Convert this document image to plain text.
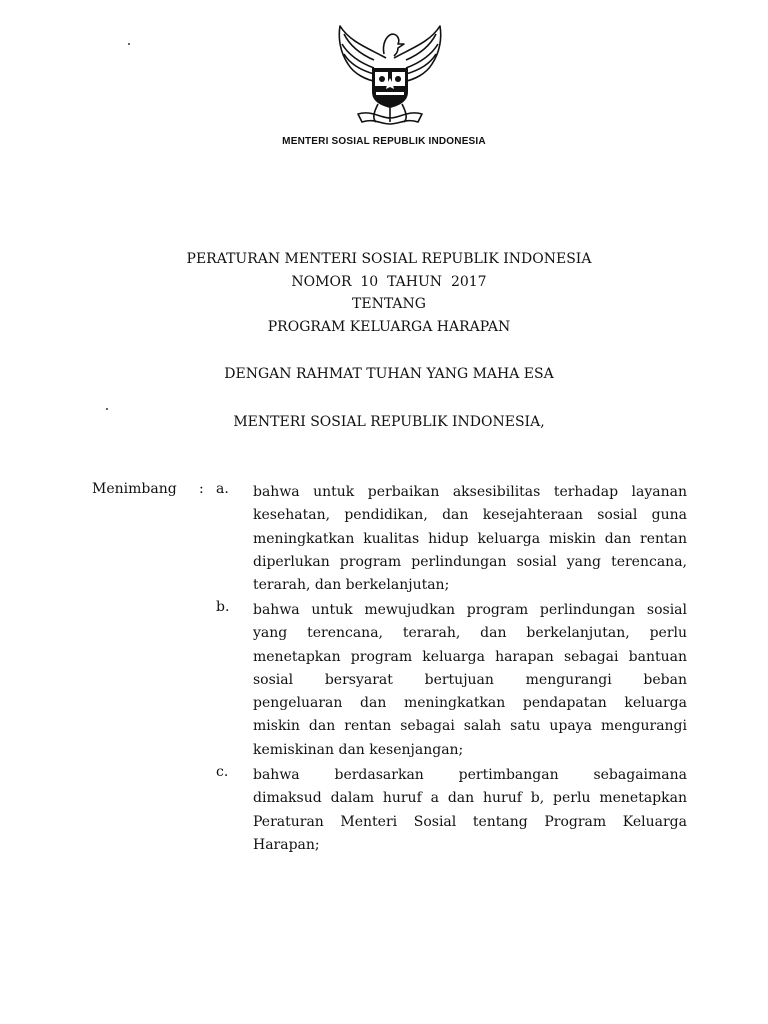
MENTERI SOSIAL REPUBLIK INDONESIA
PERATURAN MENTERI SOSIAL REPUBLIK INDONESIA
NOMOR  10  TAHUN  2017
TENTANG
PROGRAM KELUARGA HARAPAN
DENGAN RAHMAT TUHAN YANG MAHA ESA
MENTERI SOSIAL REPUBLIK INDONESIA,
Menimbang : a. bahwa untuk perbaikan aksesibilitas terhadap layanan
kesehatan, pendidikan, dan kesejahteraan sosial guna
meningkatkan kualitas hidup keluarga miskin dan rentan
diperlukan program perlindungan sosial yang terencana,
terarah, dan berkelanjutan;
b. bahwa untuk mewujudkan program perlindungan sosial
yang terencana, terarah, dan berkelanjutan, perlu
menetapkan program keluarga harapan sebagai bantuan
sosial bersyarat bertujuan mengurangi beban
pengeluaran dan meningkatkan pendapatan keluarga
miskin dan rentan sebagai salah satu upaya mengurangi
kemiskinan dan kesenjangan;
c. bahwa berdasarkan pertimbangan sebagaimana
dimaksud dalam huruf a dan huruf b, perlu menetapkan
Peraturan Menteri Sosial tentang Program Keluarga
Harapan;
